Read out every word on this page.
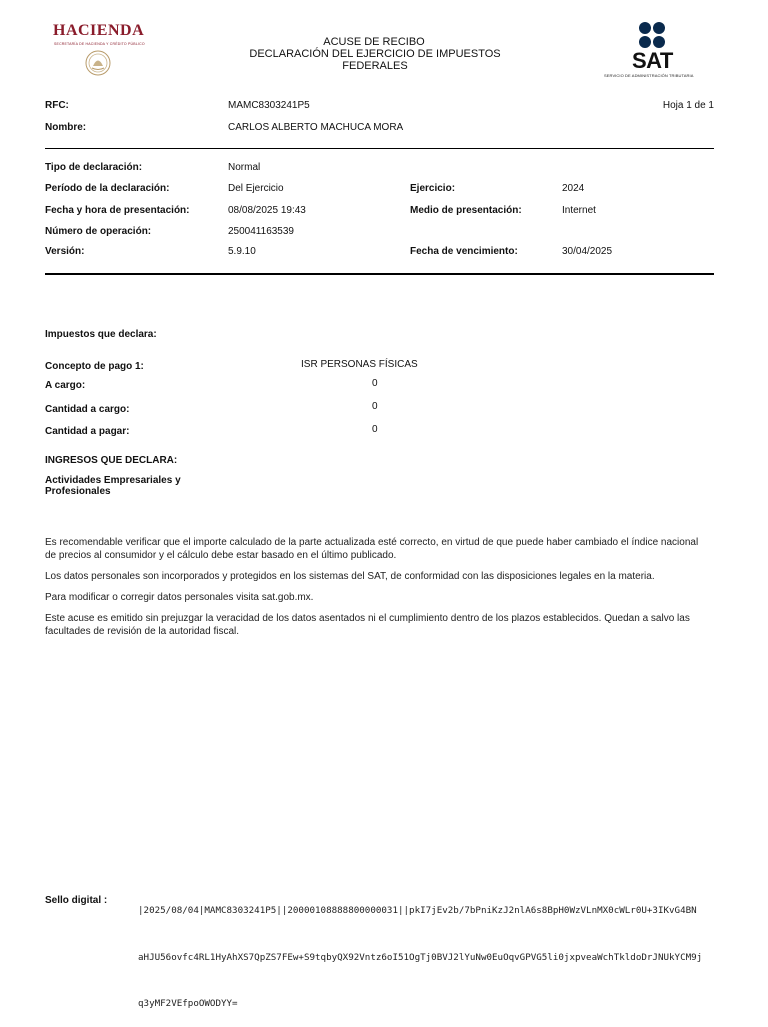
HACIENDA
SECRETARÍA DE HACIENDA Y CRÉDITO PÚBLICO	ACUSE DE RECIBO
DECLARACIÓN DEL EJERCICIO DE IMPUESTOS FEDERALES	SAT
SERVICIO DE ADMINISTRACIÓN TRIBUTARIA
RFC:	MAMC8303241P5	Hoja 1 de 1
Nombre:	CARLOS ALBERTO MACHUCA MORA
Tipo de declaración:	Normal
Período de la declaración:	Del Ejercicio	Ejercicio:	2024
Fecha y hora de presentación:	08/08/2025 19:43	Medio de presentación:	Internet
Número de operación:	250041163539
Versión:	5.9.10	Fecha de vencimiento:	30/04/2025
Impuestos que declara:
Concepto de pago 1:	ISR PERSONAS FÍSICAS
A cargo:	0
Cantidad a cargo:	0
Cantidad a pagar:	0
INGRESOS QUE DECLARA:
Actividades Empresariales y
Profesionales
Es recomendable verificar que el importe calculado de la parte actualizada esté correcto, en virtud de que puede haber cambiado el índice nacional
de precios al consumidor y el cálculo debe estar basado en el último publicado.
Los datos personales son incorporados y protegidos en los sistemas del SAT, de conformidad con las disposiciones legales en la materia.
Para modificar o corregir datos personales visita sat.gob.mx.
Este acuse es emitido sin prejuzgar la veracidad de los datos asentados ni el cumplimiento dentro de los plazos establecidos. Quedan a salvo las
facultades de revisión de la autoridad fiscal.
Sello digital :

|2025/08/04|MAMC8303241P5||20000108888800000031||pkI7jEv2b/7bPniKzJ2nlA6s8BpH0WzVLnMX0cWLr0U+3IKvG4BN

aHJU56ovfc4RL1HyAhXS7QpZS7FEw+S9tqbyQX92Vntz6oI51OgTj0BVJ2lYuNw0EuOqvGPVG5li0jxpveaWchTkldoDrJNUkYCM9j

q3yMF2VEfpoOWODYY=
